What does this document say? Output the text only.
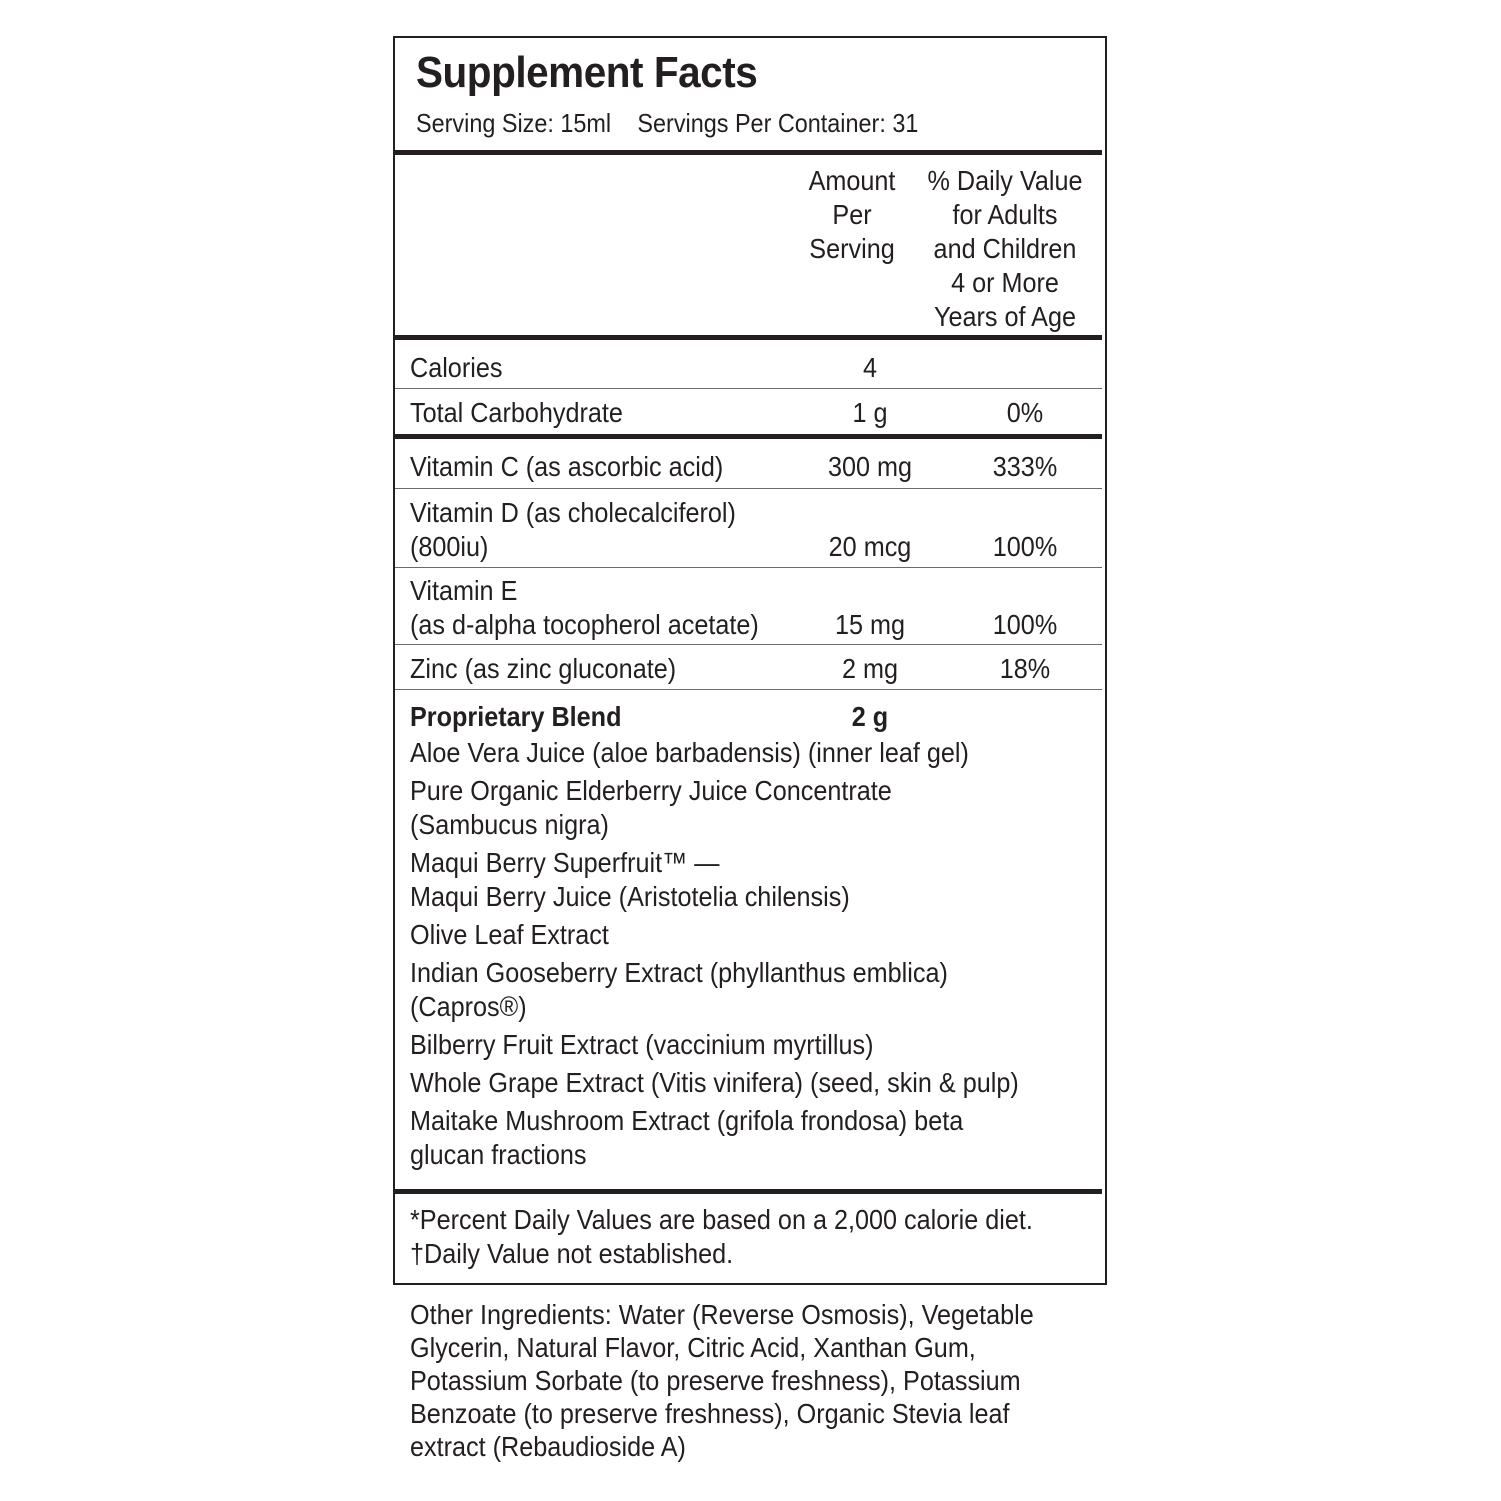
Supplement Facts
Serving Size: 15ml Servings Per Container: 31
Amount
Per
Serving
% Daily Value
for Adults
and Children
4 or More
Years of Age
Calories	4
Total Carbohydrate	1 g	0%
Vitamin C (as ascorbic acid)	300 mg	333%
Vitamin D (as cholecalciferol)
(800iu)	20 mcg	100%
Vitamin E
(as d-alpha tocopherol acetate)	15 mg	100%
Zinc (as zinc gluconate)	2 mg	18%
Proprietary Blend	2 g
Aloe Vera Juice (aloe barbadensis) (inner leaf gel)
Pure Organic Elderberry Juice Concentrate
(Sambucus nigra)
Maqui Berry Superfruit™ —
Maqui Berry Juice (Aristotelia chilensis)
Olive Leaf Extract
Indian Gooseberry Extract (phyllanthus emblica)
(Capros®)
Bilberry Fruit Extract (vaccinium myrtillus)
Whole Grape Extract (Vitis vinifera) (seed, skin & pulp)
Maitake Mushroom Extract (grifola frondosa) beta
glucan fractions
*Percent Daily Values are based on a 2,000 calorie diet.
†Daily Value not established.
Other Ingredients: Water (Reverse Osmosis), Vegetable
Glycerin, Natural Flavor, Citric Acid, Xanthan Gum,
Potassium Sorbate (to preserve freshness), Potassium
Benzoate (to preserve freshness), Organic Stevia leaf
extract (Rebaudioside A)
